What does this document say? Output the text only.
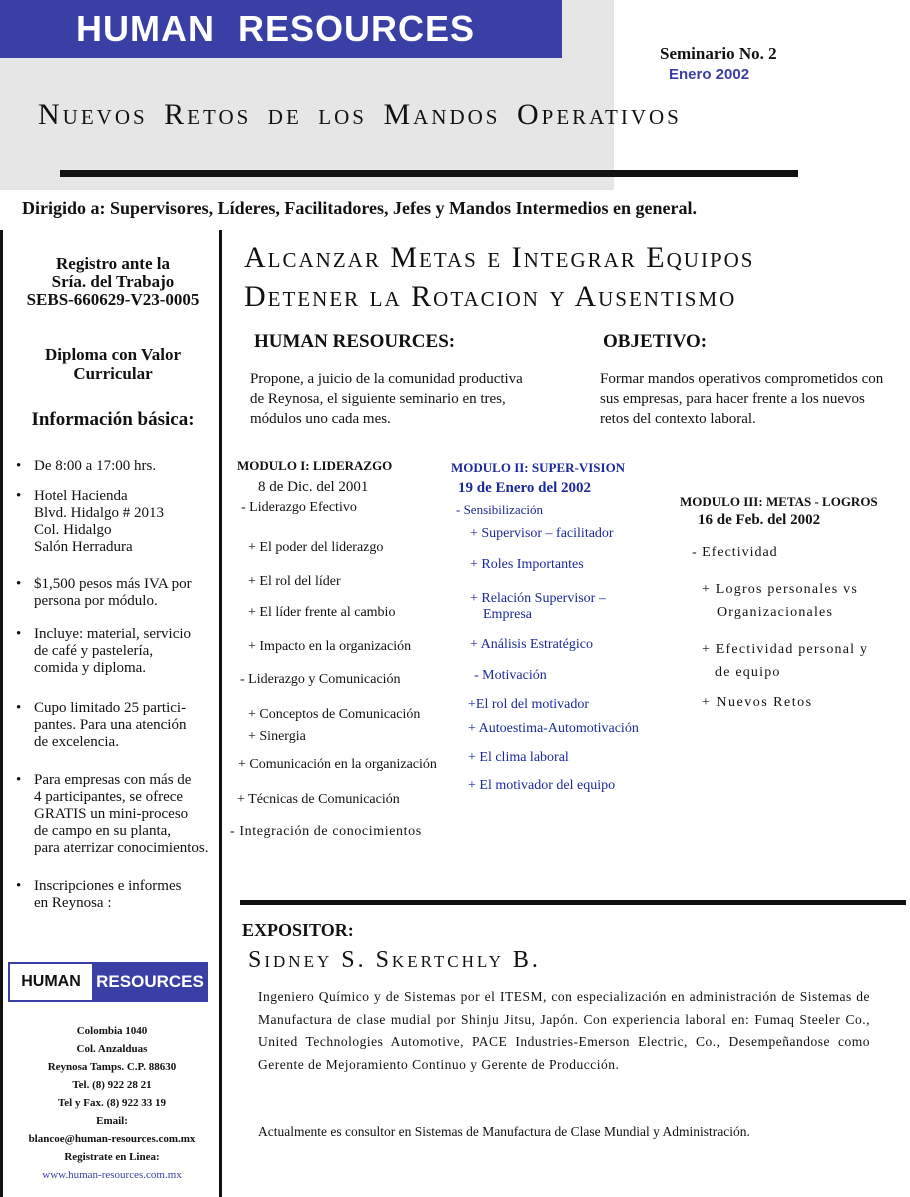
HUMAN RESOURCES
Seminario No. 2
Enero 2002
Nuevos Retos de los Mandos Operativos
Dirigido a: Supervisores, Líderes, Facilitadores, Jefes y Mandos Intermedios en general.
Registro ante la
Sría. del Trabajo
SEBS-660629-V23-0005
Diploma con Valor
Curricular
Información básica:
• De 8:00 a 17:00 hrs.
• Hotel Hacienda
Blvd. Hidalgo # 2013
Col. Hidalgo
Salón Herradura
• $1,500 pesos más IVA por
persona por módulo.
• Incluye: material, servicio
de café y pastelería,
comida y diploma.
• Cupo limitado 25 partici-
pantes. Para una atención
de excelencia.
• Para empresas con más de
4 participantes, se ofrece
GRATIS un mini-proceso
de campo en su planta,
para aterrizar conocimientos.
• Inscripciones e informes
en Reynosa :
HUMAN RESOURCES
Colombia 1040
Col. Anzalduas
Reynosa Tamps. C.P. 88630
Tel. (8) 922 28 21
Tel y Fax. (8) 922 33 19
Email:
blancoe@human-resources.com.mx
Registrate en Linea:
www.human-resources.com.mx
Alcanzar Metas e Integrar Equipos
Detener la Rotacion y Ausentismo
HUMAN RESOURCES:
Propone, a juicio de la comunidad productiva
de Reynosa, el siguiente seminario en tres,
módulos uno cada mes.
OBJETIVO:
Formar mandos operativos comprometidos con
sus empresas, para hacer frente a los nuevos
retos del contexto laboral.
MODULO I: LIDERAZGO
8 de Dic. del 2001
- Liderazgo Efectivo
+ El poder del liderazgo
+ El rol del líder
+ El líder frente al cambio
+ Impacto en la organización
- Liderazgo y Comunicación
+ Conceptos de Comunicación
+ Sinergia
+ Comunicación en la organización
+ Técnicas de Comunicación
- Integración de conocimientos
MODULO II: SUPER-VISION
19 de Enero del 2002
- Sensibilización
+ Supervisor – facilitador
+ Roles Importantes
+ Relación Supervisor –
Empresa
+ Análisis Estratégico
- Motivación
+El rol del motivador
+ Autoestima-Automotivación
+ El clima laboral
+ El motivador del equipo
MODULO III: METAS - LOGROS
16 de Feb. del 2002
- Efectividad
+ Logros personales vs
Organizacionales
+ Efectividad personal y
de equipo
+ Nuevos Retos
EXPOSITOR:
Sidney S. Skertchly B.
Ingeniero Químico y de Sistemas por el ITESM, con especialización en administración de Sistemas de Manufactura de clase mudial por Shinju Jitsu, Japón. Con experiencia laboral en: Fumaq Steeler Co., United Technologies Automotive, PACE Industries-Emerson Electric, Co., Desempeñandose como Gerente de Mejoramiento Continuo y Gerente de Producción.
Actualmente es consultor en Sistemas de Manufactura de Clase Mundial y Administración.
